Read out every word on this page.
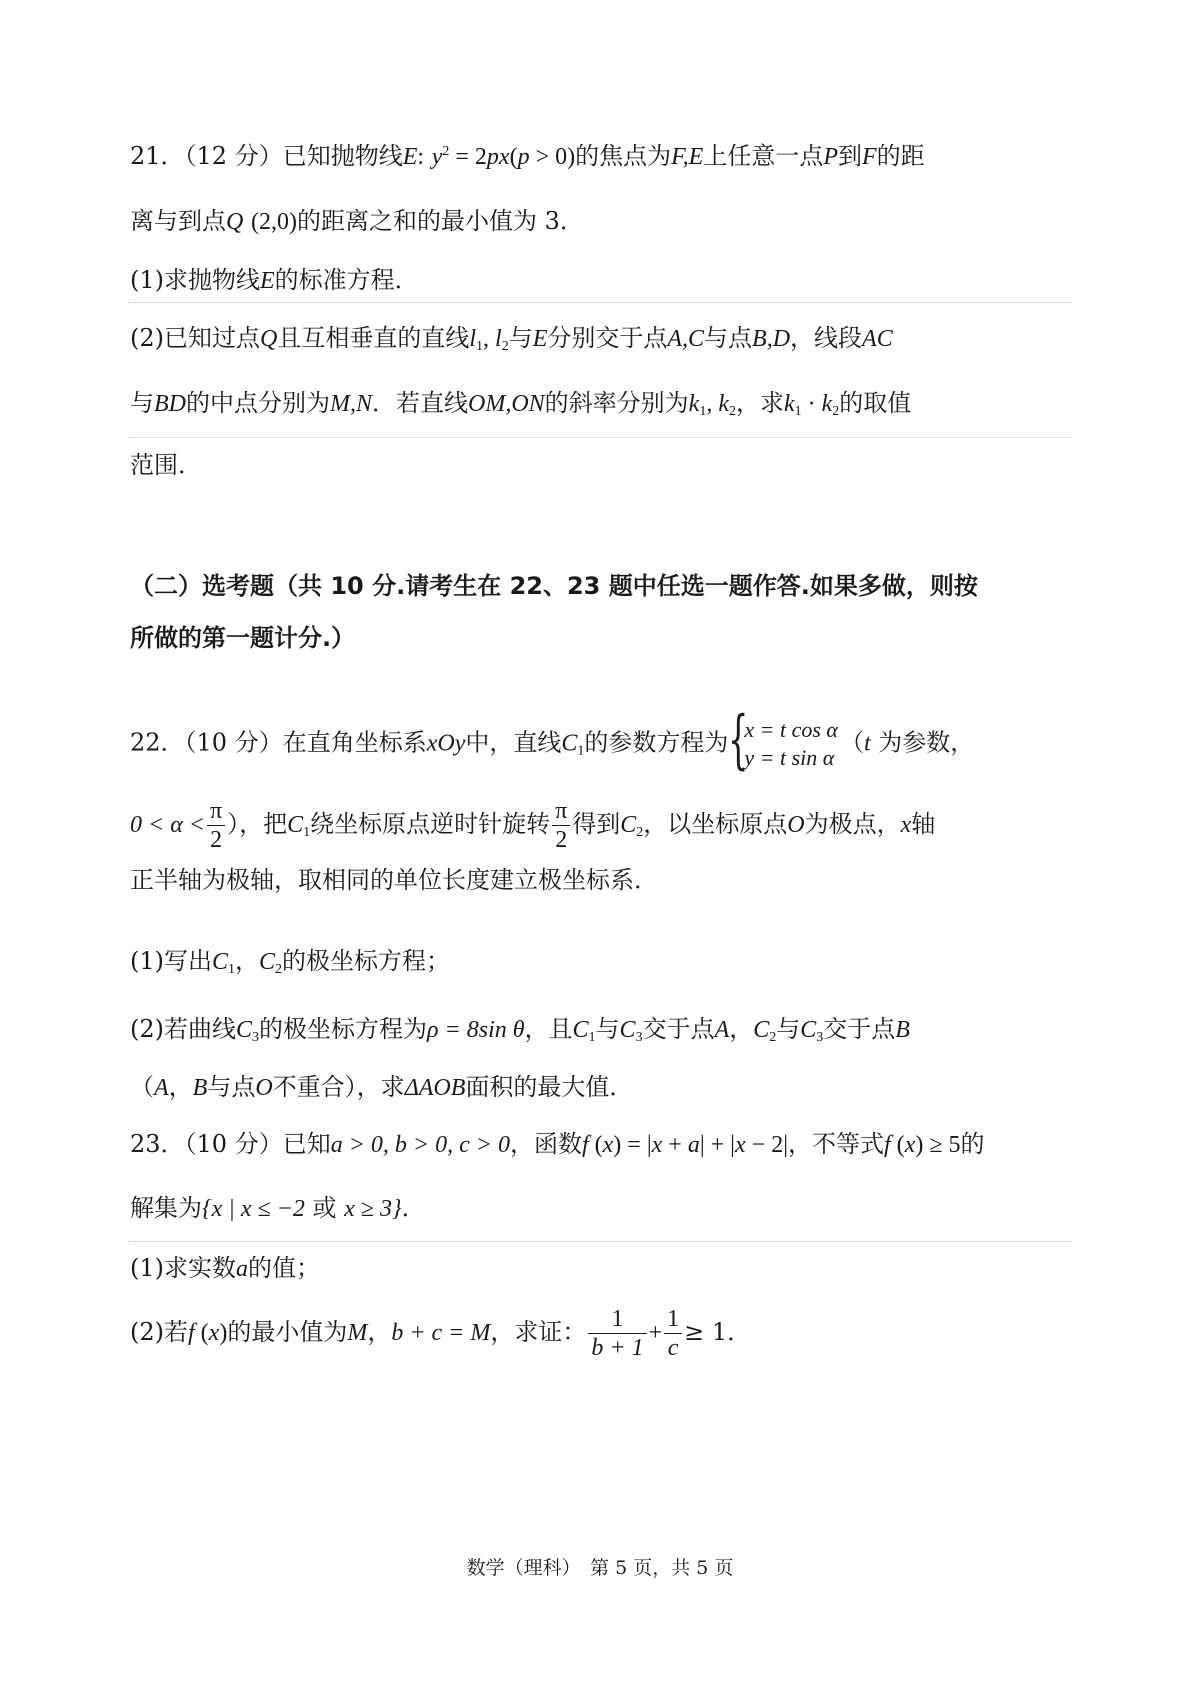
21．（12 分）已知抛物线E: $y^2 = 2px(p > 0)$的焦点为F,E上任意一点P到F的距
离与到点Q (2,0)的距离之和的最小值为 3．
(1)求抛物线E的标准方程．
(2)已知过点Q且互相垂直的直线$l_1$, $l_2$与E分别交于点A,C与点B,D，线段AC
与BD的中点分别为M,N．若直线OM,ON的斜率分别为$k_1$, $k_2$，求$k_1 \cdot k_2$的取值
范围．
（二）选考题（共 10 分.请考生在 22、23 题中任选一题作答.如果多做，则按
所做的第一题计分.）
22．（10 分）在直角坐标系xOy中，直线$C_1$的参数方程为 {
x = t cos α
y = t sin α
（t 为参数，
$0 < \alpha < \frac{\pi}{2}$ ），把$C_1$绕坐标原点逆时针旋转 $\frac{\pi}{2}$ 得到$C_2$，以坐标原点O为极点，x轴
正半轴为极轴，取相同的单位长度建立极坐标系．
(1)写出$C_1$，$C_2$的极坐标方程；
(2)若曲线$C_3$的极坐标方程为ρ = 8sin θ，且$C_1$与$C_3$交于点A，$C_2$与$C_3$交于点B
（A，B与点O不重合），求ΔAOB面积的最大值．
23．（10 分）已知a > 0, b > 0, c > 0，函数f (x) = |x + a| + |x − 2|，不等式f (x) ≥ 5的
解集为{x | x ≤ −2 或 x ≥ 3}．
(1)求实数a的值；
(2)若f (x)的最小值为M，b + c = M，求证： $\frac{1}{b + 1} + \frac{1}{c} \ge 1$．
数学（理科）　第 5 页，共 5 页
